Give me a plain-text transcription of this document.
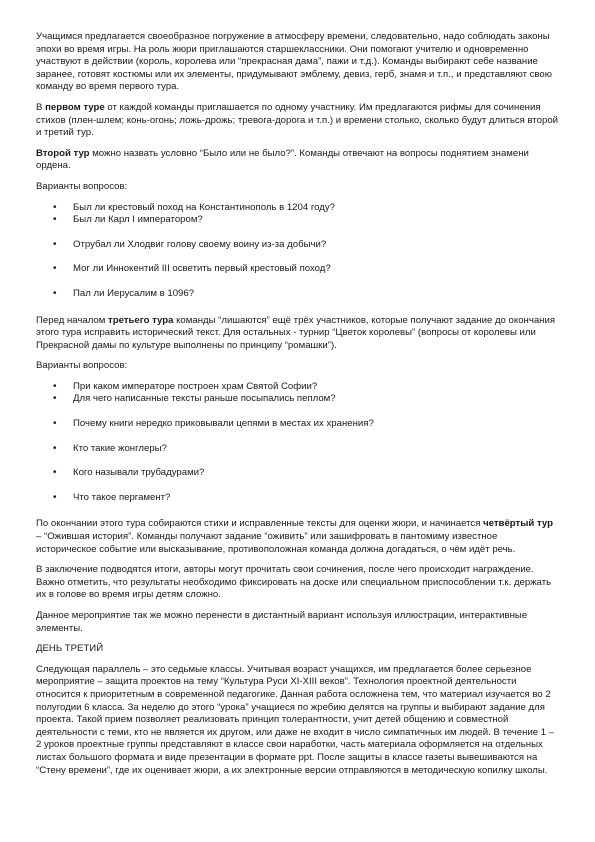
Учащимся предлагается своеобразное погружение в атмосферу времени, следовательно, надо соблюдать законы эпохи во время игры. На роль жюри приглашаются старшеклассники. Они помогают учителю и одновременно участвуют в действии (король, королева или “прекрасная дама”, пажи и т.д.). Команды выбирают себе название заранее, готовят костюмы или их элементы, придумывают эмблему, девиз, герб, знамя и т.п., и представляют свою команду во время первого тура.

В первом туре от каждой команды приглашается по одному участнику. Им предлагаются рифмы для сочинения стихов (плен-шлем; конь-огонь; ложь-дрожь; тревога-дорога и т.п.) и времени столько, сколько будут длиться второй и третий тур.

Второй тур можно назвать условно “Было или не было?”. Команды отвечают на вопросы поднятием знамени ордена.

Варианты вопросов:

• Был ли крестовый поход на Константинополь в 1204 году?
• Был ли Карл I императором?
• Отрубал ли Хлодвиг голову своему воину из-за добычи?
• Мог ли Иннокентий III осветить первый крестовый поход?
• Пал ли Иерусалим в 1096?

Перед началом третьего тура команды “лишаются” ещё трёх участников, которые получают задание до окончания этого тура исправить исторический текст. Для остальных - турнир “Цветок королевы” (вопросы от королевы или Прекрасной дамы по культуре выполнены по принципу “ромашки”).

Варианты вопросов:

• При каком императоре построен храм Святой Софии?
• Для чего написанные тексты раньше посыпались пеплом?
• Почему книги нередко приковывали цепями в местах их хранения?
• Кто такие жонглеры?
• Кого называли трубадурами?
• Что такое пергамент?

По окончании этого тура собираются стихи и исправленные тексты для оценки жюри, и начинается четвёртый тур – “Ожившая история”. Команды получают задание “оживить” или зашифровать в пантомиму известное историческое событие или высказывание, противоположная команда должна догадаться, о чём идёт речь.

В заключение подводятся итоги, авторы могут прочитать свои сочинения, после чего происходит награждение. Важно отметить, что результаты необходимо фиксировать на доске или специальном приспособлении т.к. держать их в голове во время игры детям сложно.

Данное мероприятие так же можно перенести в дистантный вариант используя иллюстрации, интерактивные элементы.

ДЕНЬ ТРЕТИЙ

Следующая параллель – это седьмые классы. Учитывая возраст учащихся, им предлагается более серьезное мероприятие – защита проектов на тему “Культура Руси XI-XIII веков”. Технология проектной деятельности относится к приоритетным в современной педагогике. Данная работа осложнена тем, что материал изучается во 2 полугодии 6 класса. За неделю до этого “урока” учащиеся по жребию делятся на группы и выбирают задание для проекта. Такой прием позволяет реализовать принцип толерантности, учит детей общению и совместной деятельности с теми, кто не является их другом, или даже не входит в число симпатичных им людей. В течение 1 – 2 уроков проектные группы представляют в классе свои наработки, часть материала оформляется на отдельных листах большого формата и виде презентации в формате ppt. После защиты в классе газеты вывешиваются на “Стену времени”, где их оценивает жюри, а их электронные версии отправляются в методическую копилку школы.
